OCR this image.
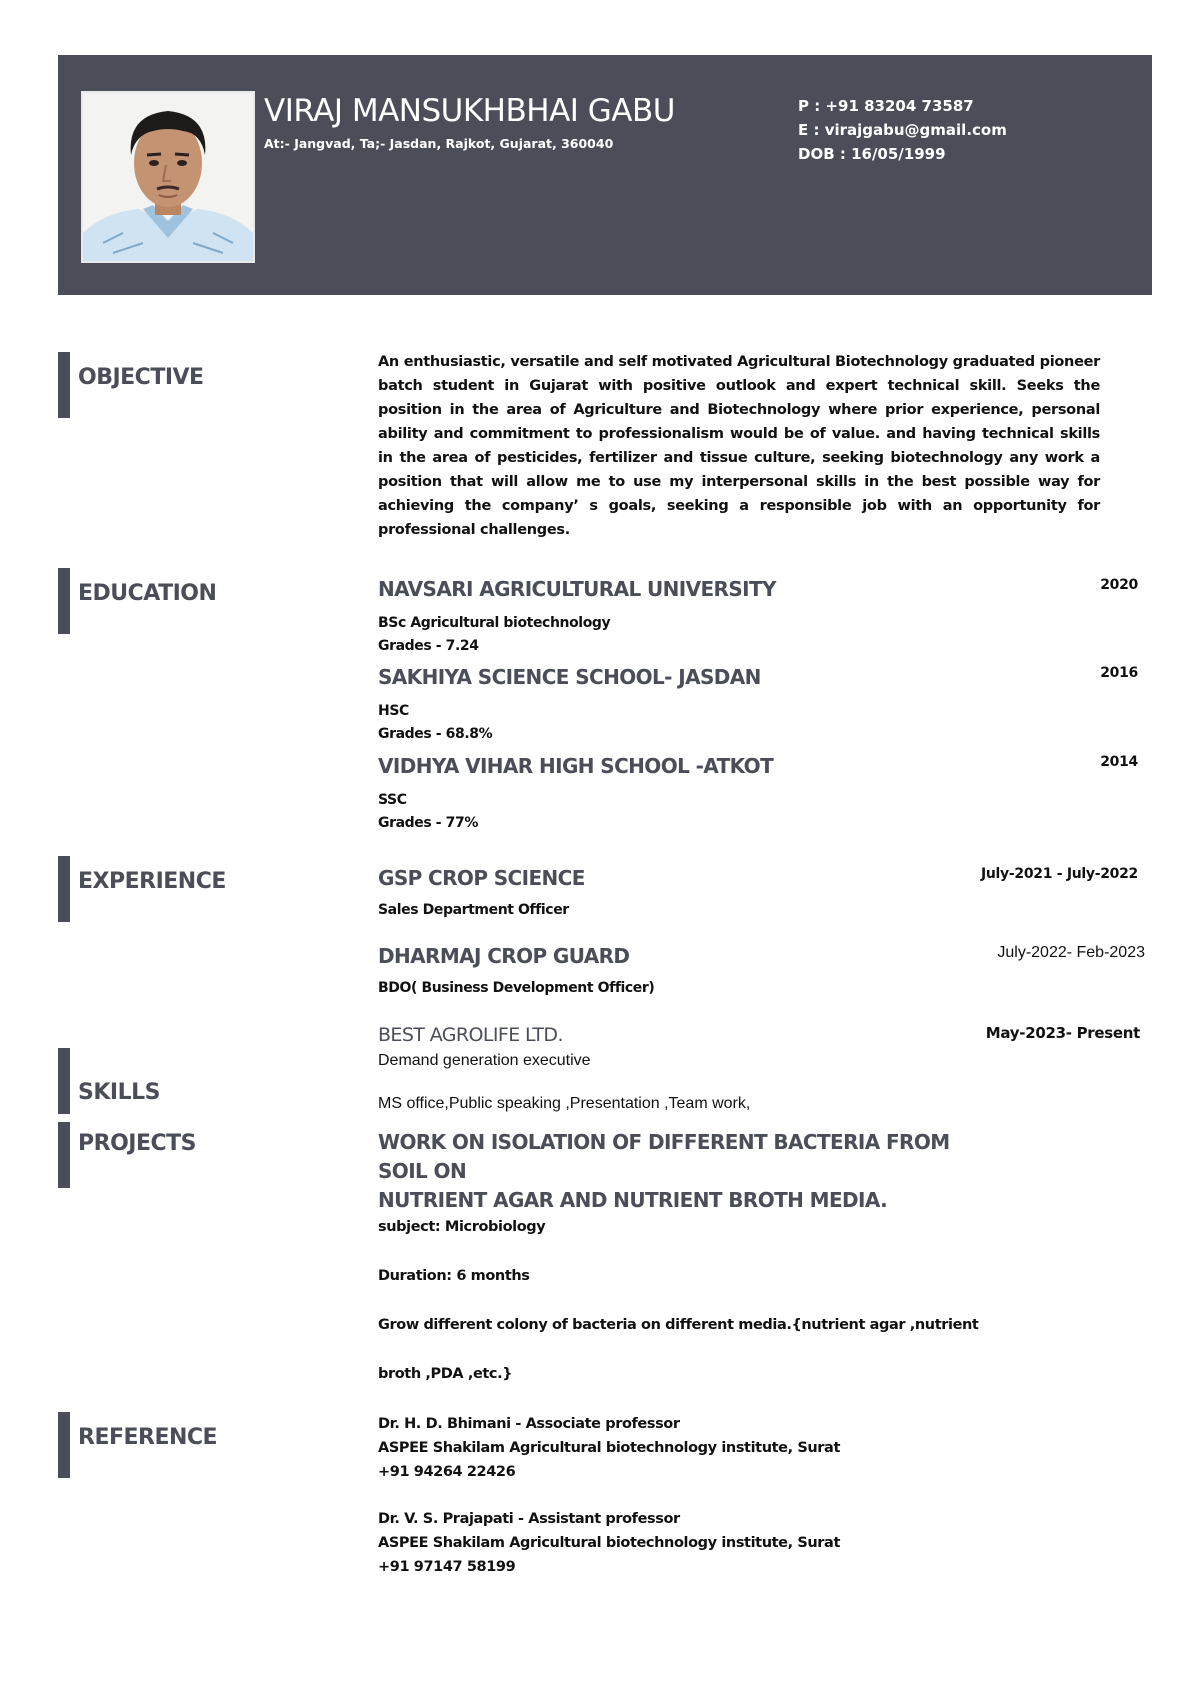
VIRAJ MANSUKHBHAI GABU
At:- Jangvad, Ta;- Jasdan, Rajkot, Gujarat, 360040
P : +91 83204 73587
E : virajgabu@gmail.com
DOB : 16/05/1999
OBJECTIVE
An enthusiastic, versatile and self motivated Agricultural Biotechnology graduated pioneer batch student in Gujarat with positive outlook and expert technical skill. Seeks the position in the area of Agriculture and Biotechnology where prior experience, personal ability and commitment to professionalism would be of value. and having technical skills in the area of pesticides, fertilizer and tissue culture, seeking biotechnology any work a position that will allow me to use my interpersonal skills in the best possible way for achieving the company’ s goals, seeking a responsible job with an opportunity for professional challenges.
EDUCATION	NAVSARI AGRICULTURAL UNIVERSITY	2020
BSc Agricultural biotechnology
Grades - 7.24
SAKHIYA SCIENCE SCHOOL- JASDAN	2016
HSC
Grades - 68.8%
VIDHYA VIHAR HIGH SCHOOL -ATKOT	2014
SSC
Grades - 77%
EXPERIENCE	GSP CROP SCIENCE	July-2021 - July-2022
Sales Department Officer
DHARMAJ CROP GUARD	July-2022- Feb-2023
BDO( Business Development Officer)
BEST AGROLIFE LTD.	May-2023- Present
Demand generation executive
SKILLS	MS office,Public speaking ,Presentation ,Team work,
PROJECTS	WORK ON ISOLATION OF DIFFERENT BACTERIA FROM
SOIL ON
NUTRIENT AGAR AND NUTRIENT BROTH MEDIA.
subject: Microbiology
Duration: 6 months
Grow different colony of bacteria on different media.{nutrient agar ,nutrient
broth ,PDA ,etc.}
REFERENCE
Dr. H. D. Bhimani - Associate professor
ASPEE Shakilam Agricultural biotechnology institute, Surat
+91 94264 22426
Dr. V. S. Prajapati - Assistant professor
ASPEE Shakilam Agricultural biotechnology institute, Surat
+91 97147 58199
